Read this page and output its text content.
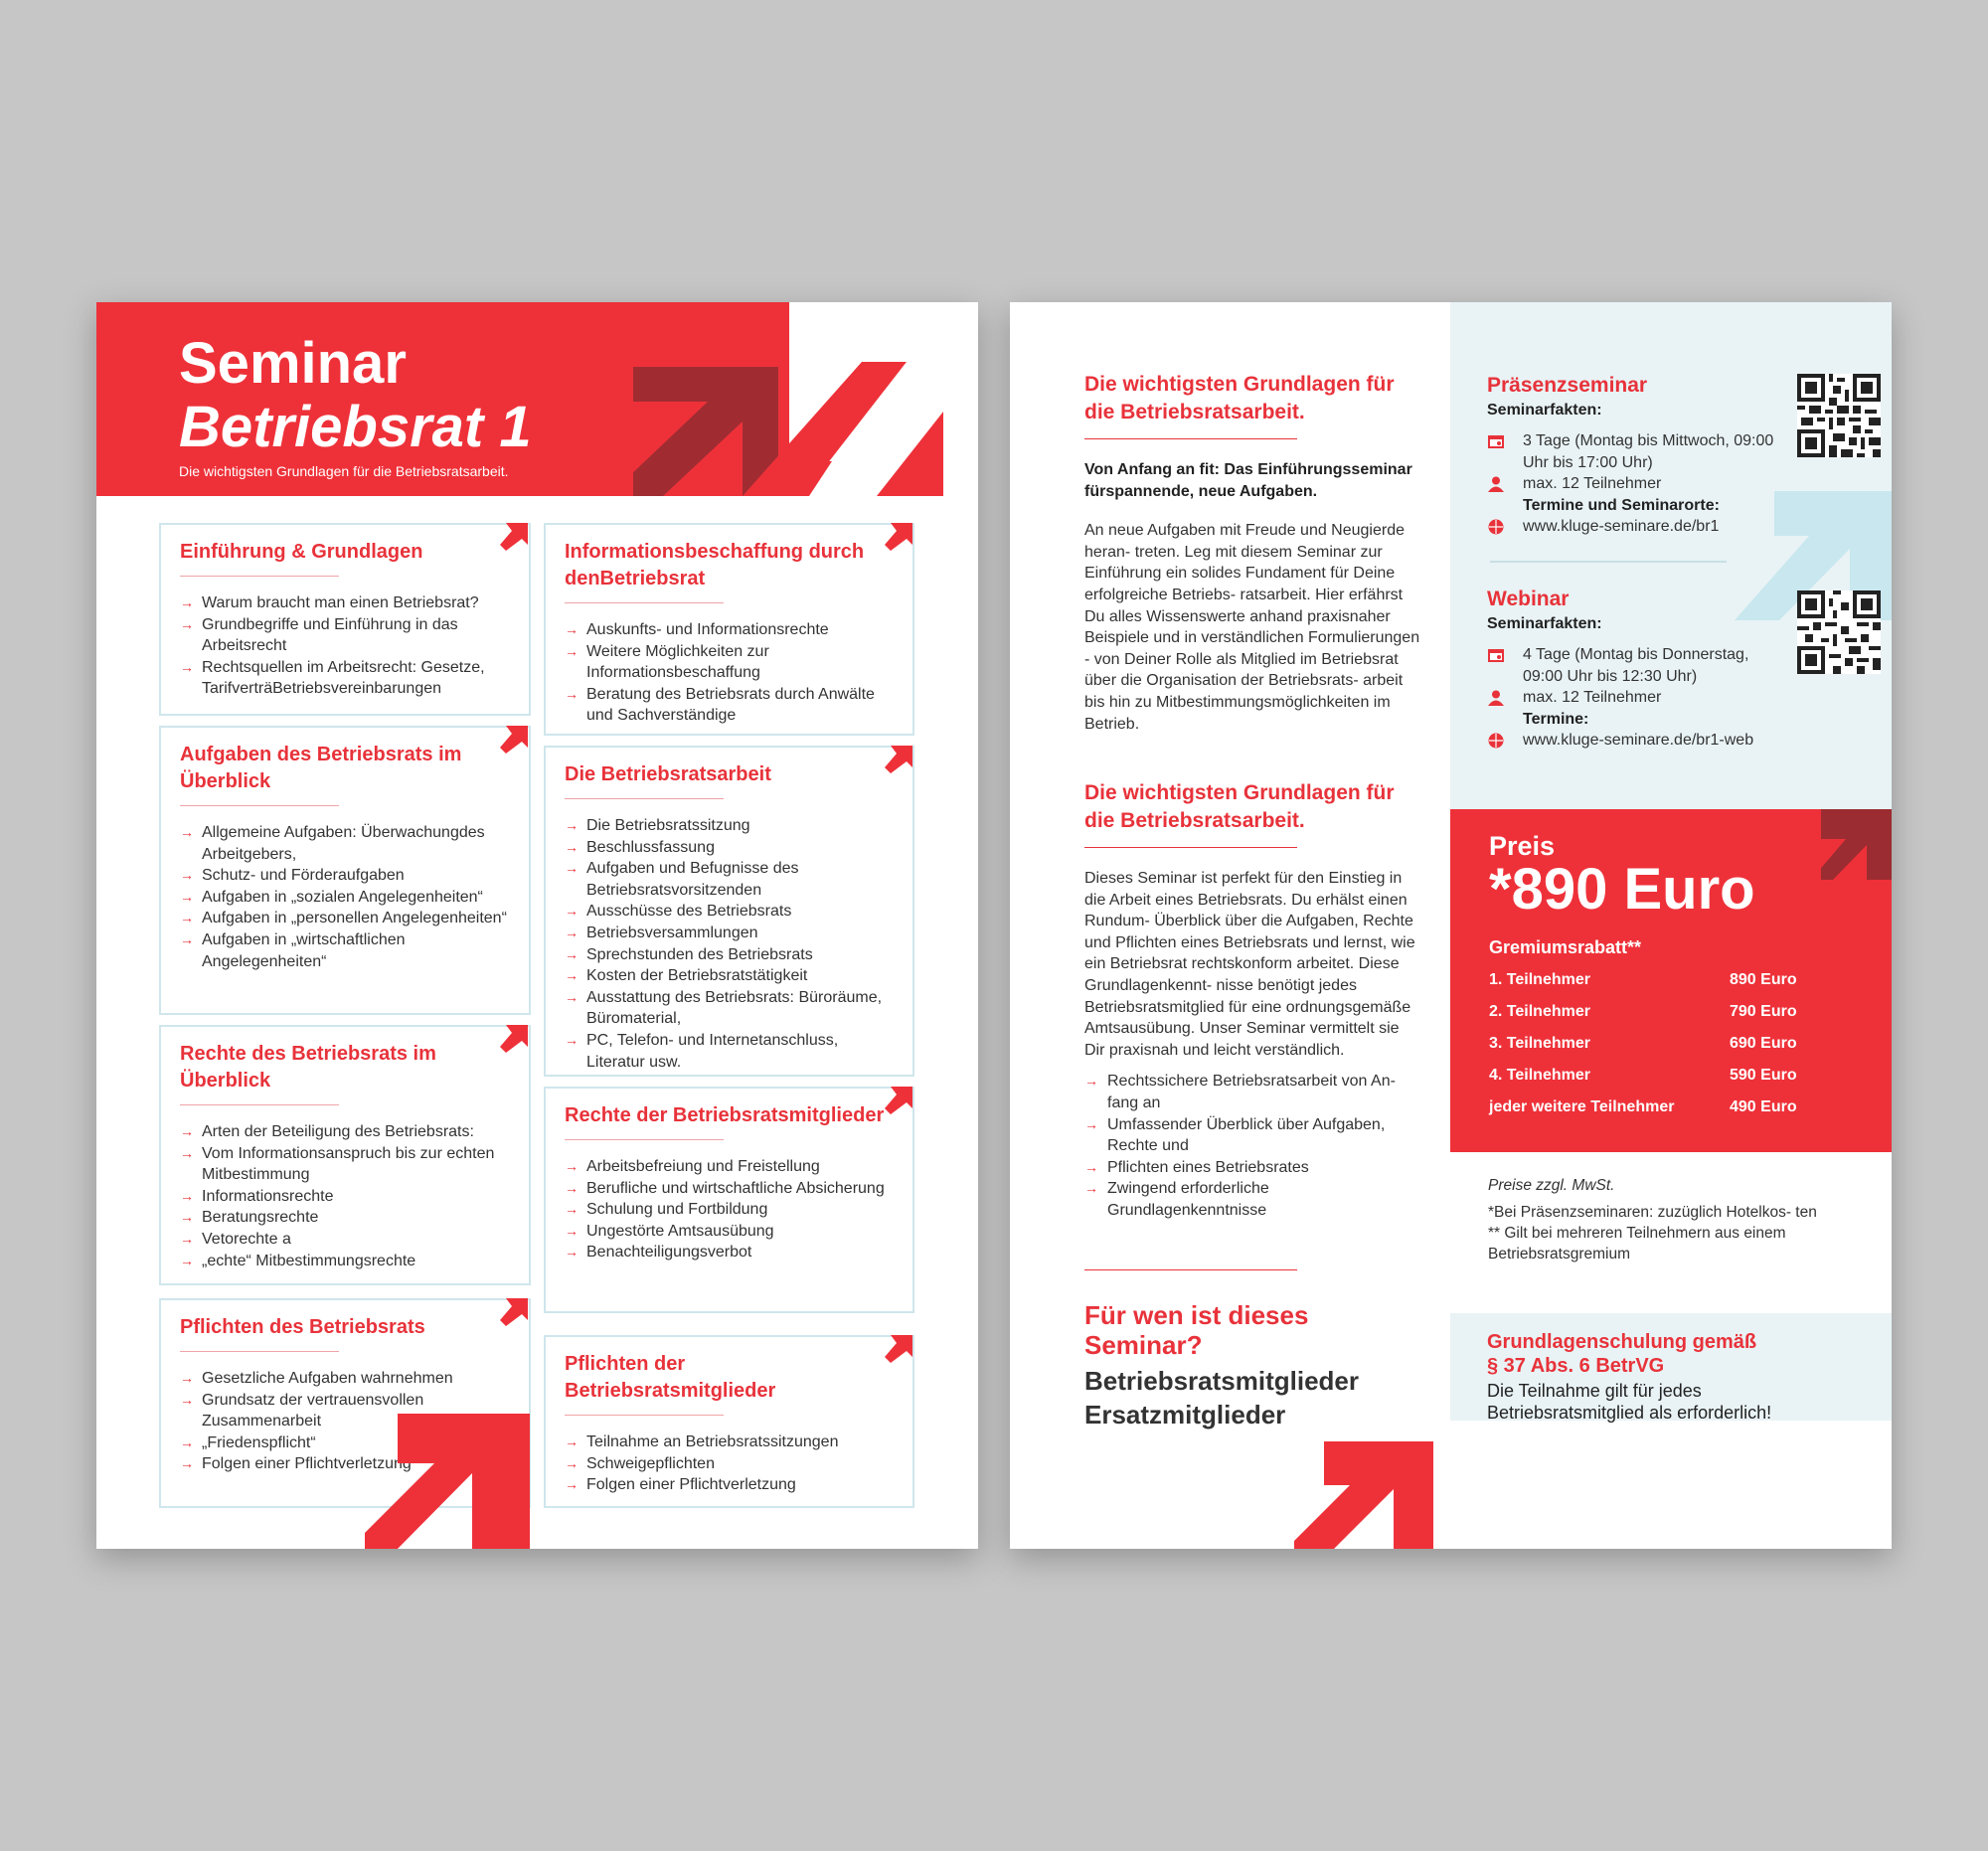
Seminar
Betriebsrat 1
Die wichtigsten Grundlagen für die Betriebsratsarbeit.
Einführung & Grundlagen
→ Warum braucht man einen Betriebsrat?
→ Grundbegriffe und Einführung in das Arbeitsrecht
→ Rechtsquellen im Arbeitsrecht: Gesetze, TarifverträBetriebsvereinbarungen
Aufgaben des Betriebsrats im Überblick
→ Allgemeine Aufgaben: Überwachungdes Arbeitgebers,
→ Schutz- und Förderaufgaben
→ Aufgaben in „sozialen Angelegenheiten“
→ Aufgaben in „personellen Angelegenheiten“
→ Aufgaben in „wirtschaftlichen Angelegenheiten“
Rechte des Betriebsrats im Überblick
→ Arten der Beteiligung des Betriebsrats:
→ Vom Informationsanspruch bis zur echten Mitbestimmung
→ Informationsrechte
→ Beratungsrechte
→ Vetorechte a
→ „echte“ Mitbestimmungsrechte
Pflichten des Betriebsrats
→ Gesetzliche Aufgaben wahrnehmen
→ Grundsatz der vertrauensvollen Zusammenarbeit
→ „Friedenspflicht“
→ Folgen einer Pflichtverletzung
Informationsbeschaffung durch denBetriebsrat
→ Auskunfts- und Informationsrechte
→ Weitere Möglichkeiten zur Informationsbeschaffung
→ Beratung des Betriebsrats durch Anwälte und Sachverständige
Die Betriebsratsarbeit
→ Die Betriebsratssitzung
→ Beschlussfassung
→ Aufgaben und Befugnisse des Betriebsratsvorsitzenden
→ Ausschüsse des Betriebsrats
→ Betriebsversammlungen
→ Sprechstunden des Betriebsrats
→ Kosten der Betriebsratstätigkeit
→ Ausstattung des Betriebsrats: Büroräume, Büromaterial,
→ PC, Telefon- und Internetanschluss, Literatur usw.
Rechte der Betriebsratsmitglieder
→ Arbeitsbefreiung und Freistellung
→ Berufliche und wirtschaftliche Absicherung
→ Schulung und Fortbildung
→ Ungestörte Amtsausübung
→ Benachteiligungsverbot
Pflichten der Betriebsratsmitglieder
→ Teilnahme an Betriebsratssitzungen
→ Schweigepflichten
→ Folgen einer Pflichtverletzung
Die wichtigsten Grundlagen für die Betriebsratsarbeit.

Von Anfang an fit: Das Einführungsseminar fürspannende, neue Aufgaben.

An neue Aufgaben mit Freude und Neugierde heran- treten. Leg mit diesem Seminar zur Einführung ein solides Fundament für Deine erfolgreiche Betriebs- ratsarbeit. Hier erfährst Du alles Wissenswerte anhand praxisnaher Beispiele und in verständlichen Formulierungen - von Deiner Rolle als Mitglied im Betriebsrat über die Organisation der Betriebsrats- arbeit bis hin zu Mitbestimmungsmöglichkeiten im Betrieb.

Die wichtigsten Grundlagen für die Betriebsratsarbeit.

Dieses Seminar ist perfekt für den Einstieg in die Arbeit eines Betriebsrats. Du erhälst einen Rundum- Überblick über die Aufgaben, Rechte und Pflichten eines Betriebsrats und lernst, wie ein Betriebsrat rechtskonform arbeitet. Diese Grundlagenkennt- nisse benötigt jedes Betriebsratsmitglied für eine ordnungsgemäße Amtsausübung. Unser Seminar vermittelt sie Dir praxisnah und leicht verständlich.

→ Rechtssichere Betriebsratsarbeit von An- fang an
→ Umfassender Überblick über Aufgaben, Rechte und
→ Pflichten eines Betriebsrates
→ Zwingend erforderliche Grundlagenkenntnisse
Für wen ist dieses Seminar?
Betriebsratsmitglieder
Ersatzmitglieder
Präsenzseminar
Seminarfakten:
3 Tage (Montag bis Mittwoch, 09:00 Uhr bis 17:00 Uhr)
max. 12 Teilnehmer
Termine und Seminarorte:
www.kluge-seminare.de/br1
Webinar
Seminarfakten:
4 Tage (Montag bis Donnerstag, 09:00 Uhr bis 12:30 Uhr)
max. 12 Teilnehmer
Termine:
www.kluge-seminare.de/br1-web
Preis
*890 Euro
Gremiumsrabatt**
1. Teilnehmer	890 Euro
2. Teilnehmer	790 Euro
3. Teilnehmer	690 Euro
4. Teilnehmer	590 Euro
jeder weitere Teilnehmer	490 Euro
Preise zzgl. MwSt.
*Bei Präsenzseminaren: zuzüglich Hotelkos- ten
** Gilt bei mehreren Teilnehmern aus einem Betriebsratsgremium
Grundlagenschulung gemäß
§ 37 Abs. 6 BetrVG
Die Teilnahme gilt für jedes Betriebsratsmitglied als erforderlich!
